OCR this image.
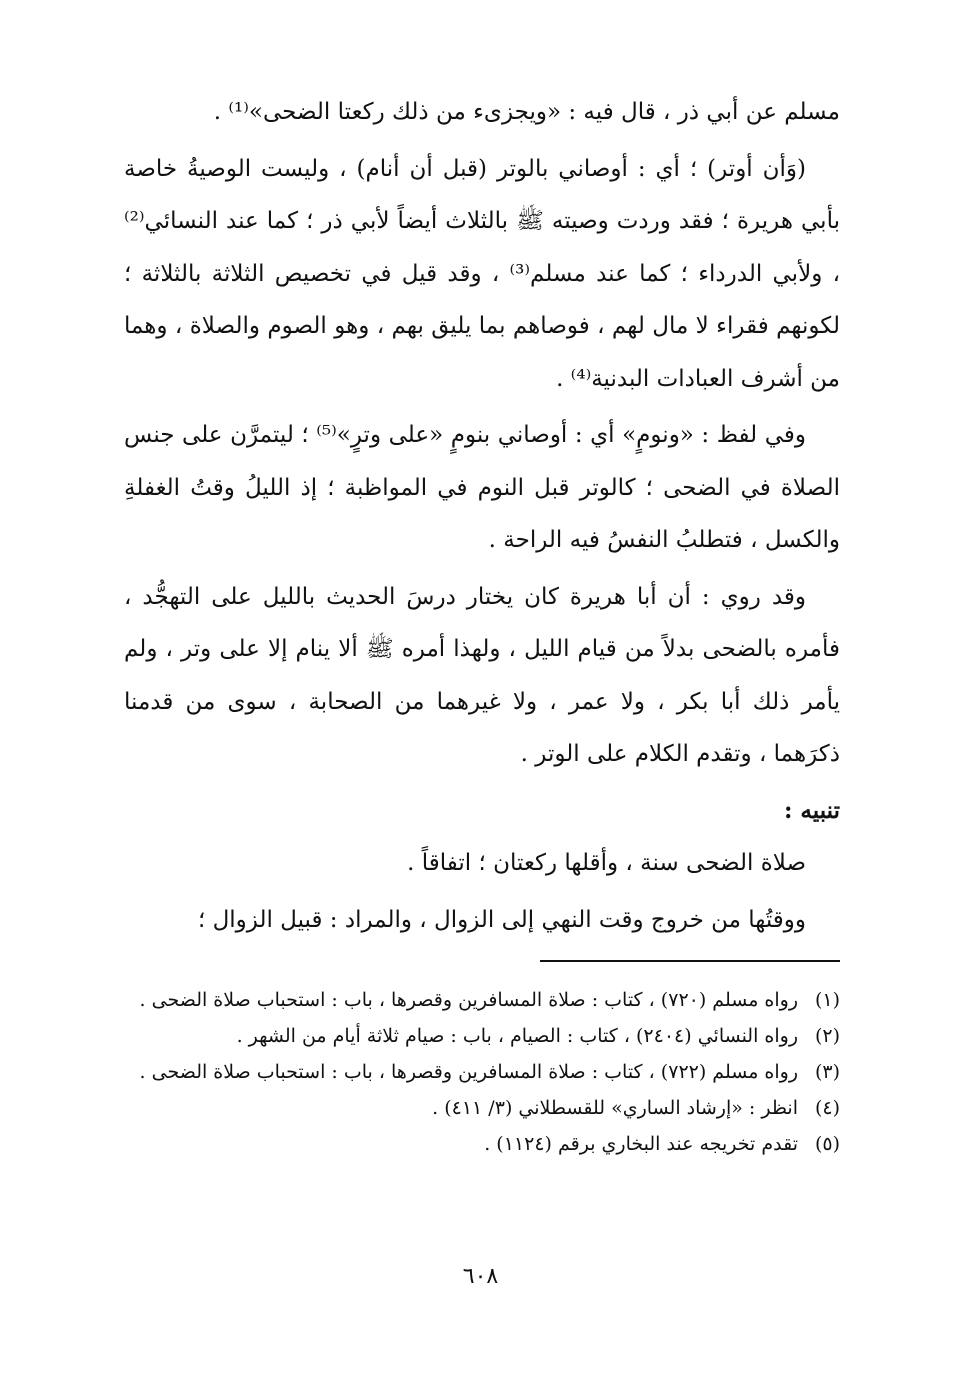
مسلم عن أبي ذر ، قال فيه : «ويجزىء من ذلك ركعتا الضحى»⁽¹⁾ .

(وَأن أوتر) ؛ أي : أوصاني بالوتر (قبل أن أنام) ، وليست الوصيةُ خاصة بأبي هريرة ؛ فقد وردت وصيته ﷺ بالثلاث أيضاً لأبي ذر ؛ كما عند النسائي⁽²⁾ ، ولأبي الدرداء ؛ كما عند مسلم⁽³⁾ ، وقد قيل في تخصيص الثلاثة بالثلاثة ؛ لكونهم فقراء لا مال لهم ، فوصاهم بما يليق بهم ، وهو الصوم والصلاة ، وهما من أشرف العبادات البدنية⁽⁴⁾ .

وفي لفظ : «ونومٍ» أي : أوصاني بنومٍ «على وترٍ»⁽⁵⁾ ؛ ليتمرَّن على جنس الصلاة في الضحى ؛ كالوتر قبل النوم في المواظبة ؛ إذ الليلُ وقتُ الغفلةِ والكسل ، فتطلبُ النفسُ فيه الراحة .

وقد روي : أن أبا هريرة كان يختار درسَ الحديث بالليل على التهجُّد ، فأمره بالضحى بدلاً من قيام الليل ، ولهذا أمره ﷺ ألا ينام إلا على وتر ، ولم يأمر ذلك أبا بكر ، ولا عمر ، ولا غيرهما من الصحابة ، سوى من قدمنا ذكرَهما ، وتقدم الكلام على الوتر .

تنبيه :

صلاة الضحى سنة ، وأقلها ركعتان ؛ اتفاقاً .

ووقتُها من خروج وقت النهي إلى الزوال ، والمراد : قبيل الزوال ؛

(١)
رواه مسلم (٧٢٠) ، كتاب : صلاة المسافرين وقصرها ، باب : استحباب صلاة الضحى .
(٢)
رواه النسائي (٢٤٠٤) ، كتاب : الصيام ، باب : صيام ثلاثة أيام من الشهر .
(٣)
رواه مسلم (٧٢٢) ، كتاب : صلاة المسافرين وقصرها ، باب : استحباب صلاة الضحى .
(٤)
انظر : «إرشاد الساري» للقسطلاني (٣/ ٤١١) .
(٥)
تقدم تخريجه عند البخاري برقم (١١٢٤) .
٦٠٨
